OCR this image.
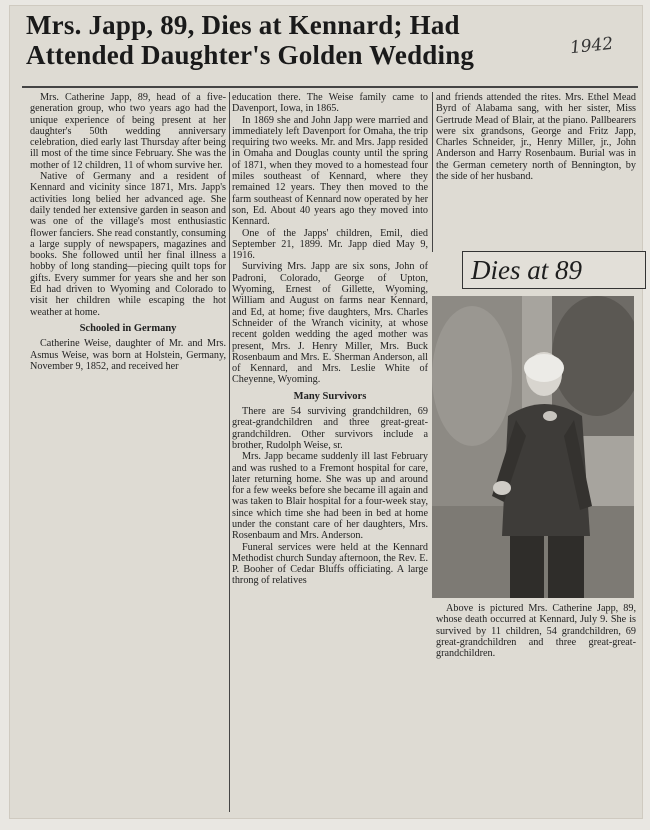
Mrs. Japp, 89, Dies at Kennard; Had
Attended Daughter's Golden Wedding	1942

Mrs. Catherine Japp, 89, head of a five-generation group, who two years ago had the unique experience of being present at her daughter's 50th wedding anniversary celebration, died early last Thursday after being ill most of the time since February. She was the mother of 12 children, 11 of whom survive her.

Native of Germany and a resident of Kennard and vicinity since 1871, Mrs. Japp's activities long belied her advanced age. She daily tended her extensive garden in season and was one of the village's most enthusiastic flower fanciers. She read constantly, consuming a large supply of newspapers, magazines and books. She followed until her final illness a hobby of long standing—piecing quilt tops for gifts. Every summer for years she and her son Ed had driven to Wyoming and Colorado to visit her children while escaping the hot weather at home.

Schooled in Germany

Catherine Weise, daughter of Mr. and Mrs. Asmus Weise, was born at Holstein, Germany, November 9, 1852, and received her

education there. The Weise family came to Davenport, Iowa, in 1865.

In 1869 she and John Japp were married and immediately left Davenport for Omaha, the trip requiring two weeks. Mr. and Mrs. Japp resided in Omaha and Douglas county until the spring of 1871, when they moved to a homestead four miles southeast of Kennard, where they remained 12 years. They then moved to the farm southeast of Kennard now operated by her son, Ed. About 40 years ago they moved into Kennard.

One of the Japps' children, Emil, died September 21, 1899. Mr. Japp died May 9, 1916.

Surviving Mrs. Japp are six sons, John of Padroni, Colorado, George of Upton, Wyoming, Ernest of Gillette, Wyoming, William and August on farms near Kennard, and Ed, at home; five daughters, Mrs. Charles Schneider of the Wranch vicinity, at whose recent golden wedding the aged mother was present, Mrs. J. Henry Miller, Mrs. Buck Rosenbaum and Mrs. E. Sherman Anderson, all of Kennard, and Mrs. Leslie White of Cheyenne, Wyoming.

Many Survivors

There are 54 surviving grandchildren, 69 great-grandchildren and three great-great-grandchildren. Other survivors include a brother, Rudolph Weise, sr.

Mrs. Japp became suddenly ill last February and was rushed to a Fremont hospital for care, later returning home. She was up and around for a few weeks before she became ill again and was taken to Blair hospital for a four-week stay, since which time she had been in bed at home under the constant care of her daughters, Mrs. Rosenbaum and Mrs. Anderson.

Funeral services were held at the Kennard Methodist church Sunday afternoon, the Rev. E. P. Booher of Cedar Bluffs officiating. A large throng of relatives

and friends attended the rites. Mrs. Ethel Mead Byrd of Alabama sang, with her sister, Miss Gertrude Mead of Blair, at the piano. Pallbearers were six grandsons, George and Fritz Japp, Charles Schneider, jr., Henry Miller, jr., John Anderson and Harry Rosenbaum. Burial was in the German cemetery north of Bennington, by the side of her husband.

Dies at 89

Above is pictured Mrs. Catherine Japp, 89, whose death occurred at Kennard, July 9. She is survived by 11 children, 54 grandchildren, 69 great-grandchildren and three great-great-grandchildren.
